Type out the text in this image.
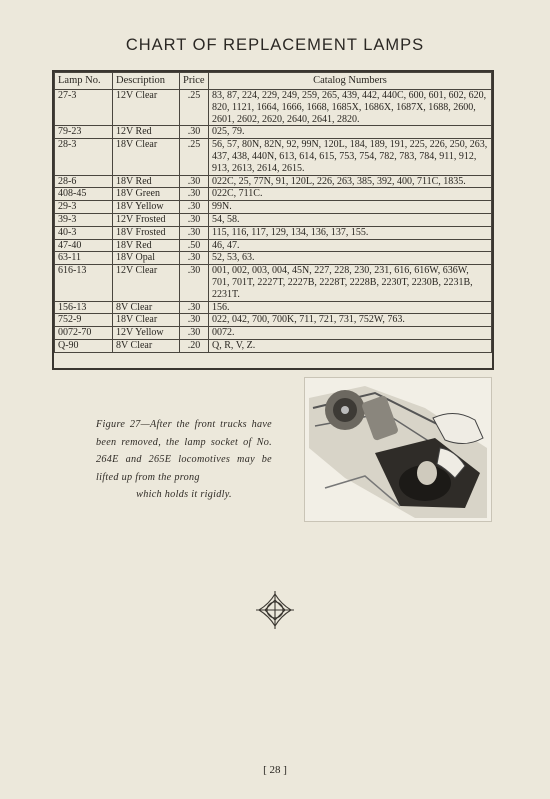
CHART OF REPLACEMENT LAMPS
Lamp No.	Description	Price	Catalog Numbers
27-3	12V Clear	.25	83, 87, 224, 229, 249, 259, 265, 439, 442, 440C, 600, 601, 602, 620, 820, 1121, 1664, 1666, 1668, 1685X, 1686X, 1687X, 1688, 2600, 2601, 2602, 2620, 2640, 2641, 2820.
79-23	12V Red	.30	025, 79.
28-3	18V Clear	.25	56, 57, 80N, 82N, 92, 99N, 120L, 184, 189, 191, 225, 226, 250, 263, 437, 438, 440N, 613, 614, 615, 753, 754, 782, 783, 784, 911, 912, 913, 2613, 2614, 2615.
28-6	18V Red	.30	022C, 25, 77N, 91, 120L, 226, 263, 385, 392, 400, 711C, 1835.
408-45	18V Green	.30	022C, 711C.
29-3	18V Yellow	.30	99N.
39-3	12V Frosted	.30	54, 58.
40-3	18V Frosted	.30	115, 116, 117, 129, 134, 136, 137, 155.
47-40	18V Red	.50	46, 47.
63-11	18V Opal	.30	52, 53, 63.
616-13	12V Clear	.30	001, 002, 003, 004, 45N, 227, 228, 230, 231, 616, 616W, 636W, 701, 701T, 2227T, 2227B, 2228T, 2228B, 2230T, 2230B, 2231B, 2231T.
156-13	8V Clear	.30	156.
752-9	18V Clear	.30	022, 042, 700, 700K, 711, 721, 731, 752W, 763.
0072-70	12V Yellow	.30	0072.
Q-90	8V Clear	.20	Q, R, V, Z.
Figure 27—After the front trucks have been removed, the lamp socket of No. 264E and 265E locomotives may be lifted up from the prong
which holds it rigidly.
[ 28 ]
